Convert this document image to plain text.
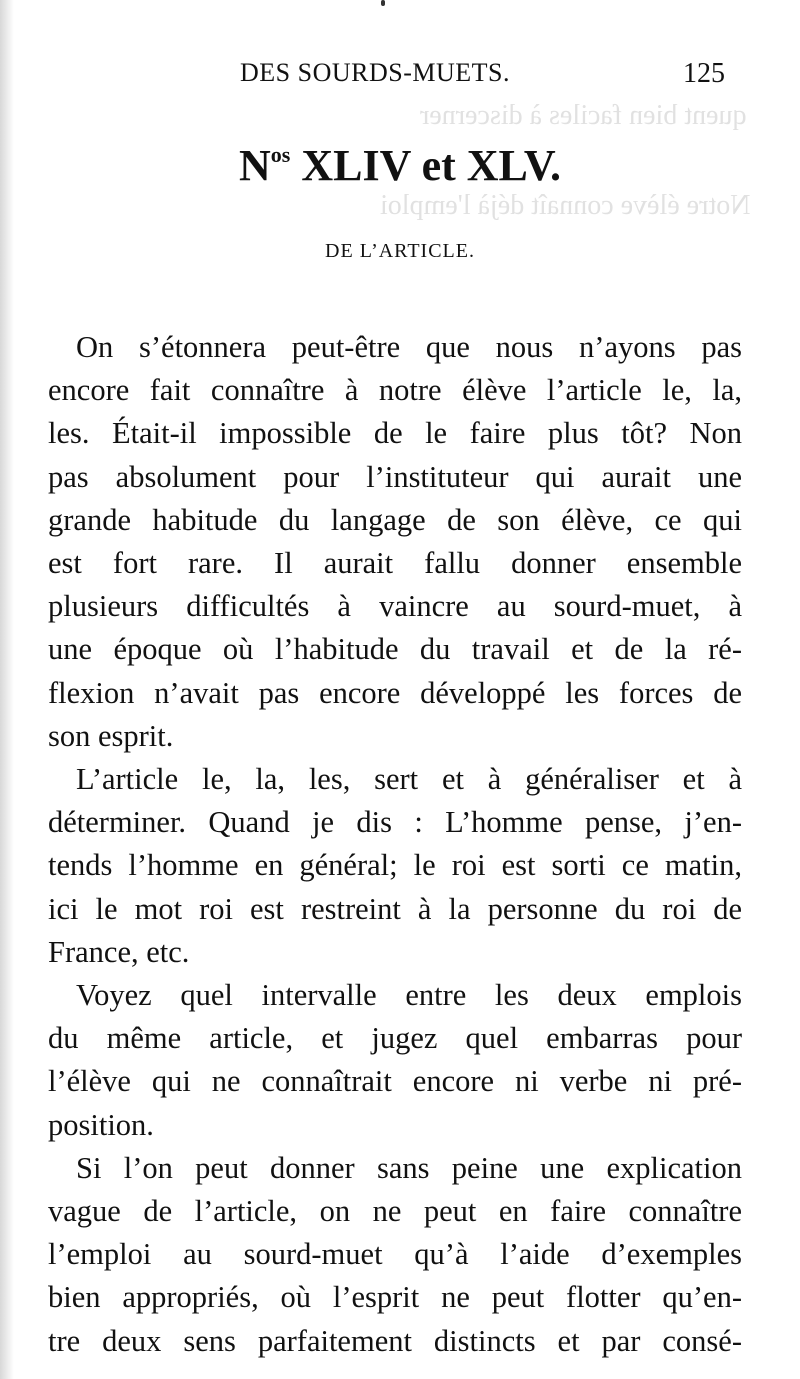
quent bien faciles à discerner
Notre élève connaît déjà l'emploi
DES SOURDS-MUETS.	125
$N^{os}$ XLIV et XLV.
DE L’ARTICLE.

On s’étonnera peut-être que nous n’ayons pas
encore fait connaître à notre élève l’article le, la,
les. Était-il impossible de le faire plus tôt? Non
pas absolument pour l’instituteur qui aurait une
grande habitude du langage de son élève, ce qui
est fort rare. Il aurait fallu donner ensemble
plusieurs difficultés à vaincre au sourd-muet, à
une époque où l’habitude du travail et de la ré-
flexion n’avait pas encore développé les forces de
son esprit.

L’article le, la, les, sert et à généraliser et à
déterminer. Quand je dis : L’homme pense, j’en-
tends l’homme en général; le roi est sorti ce matin,
ici le mot roi est restreint à la personne du roi de
France, etc.

Voyez quel intervalle entre les deux emplois
du même article, et jugez quel embarras pour
l’élève qui ne connaîtrait encore ni verbe ni pré-
position.

Si l’on peut donner sans peine une explication
vague de l’article, on ne peut en faire connaître
l’emploi au sourd-muet qu’à l’aide d’exemples
bien appropriés, où l’esprit ne peut flotter qu’en-
tre deux sens parfaitement distincts et par consé-
